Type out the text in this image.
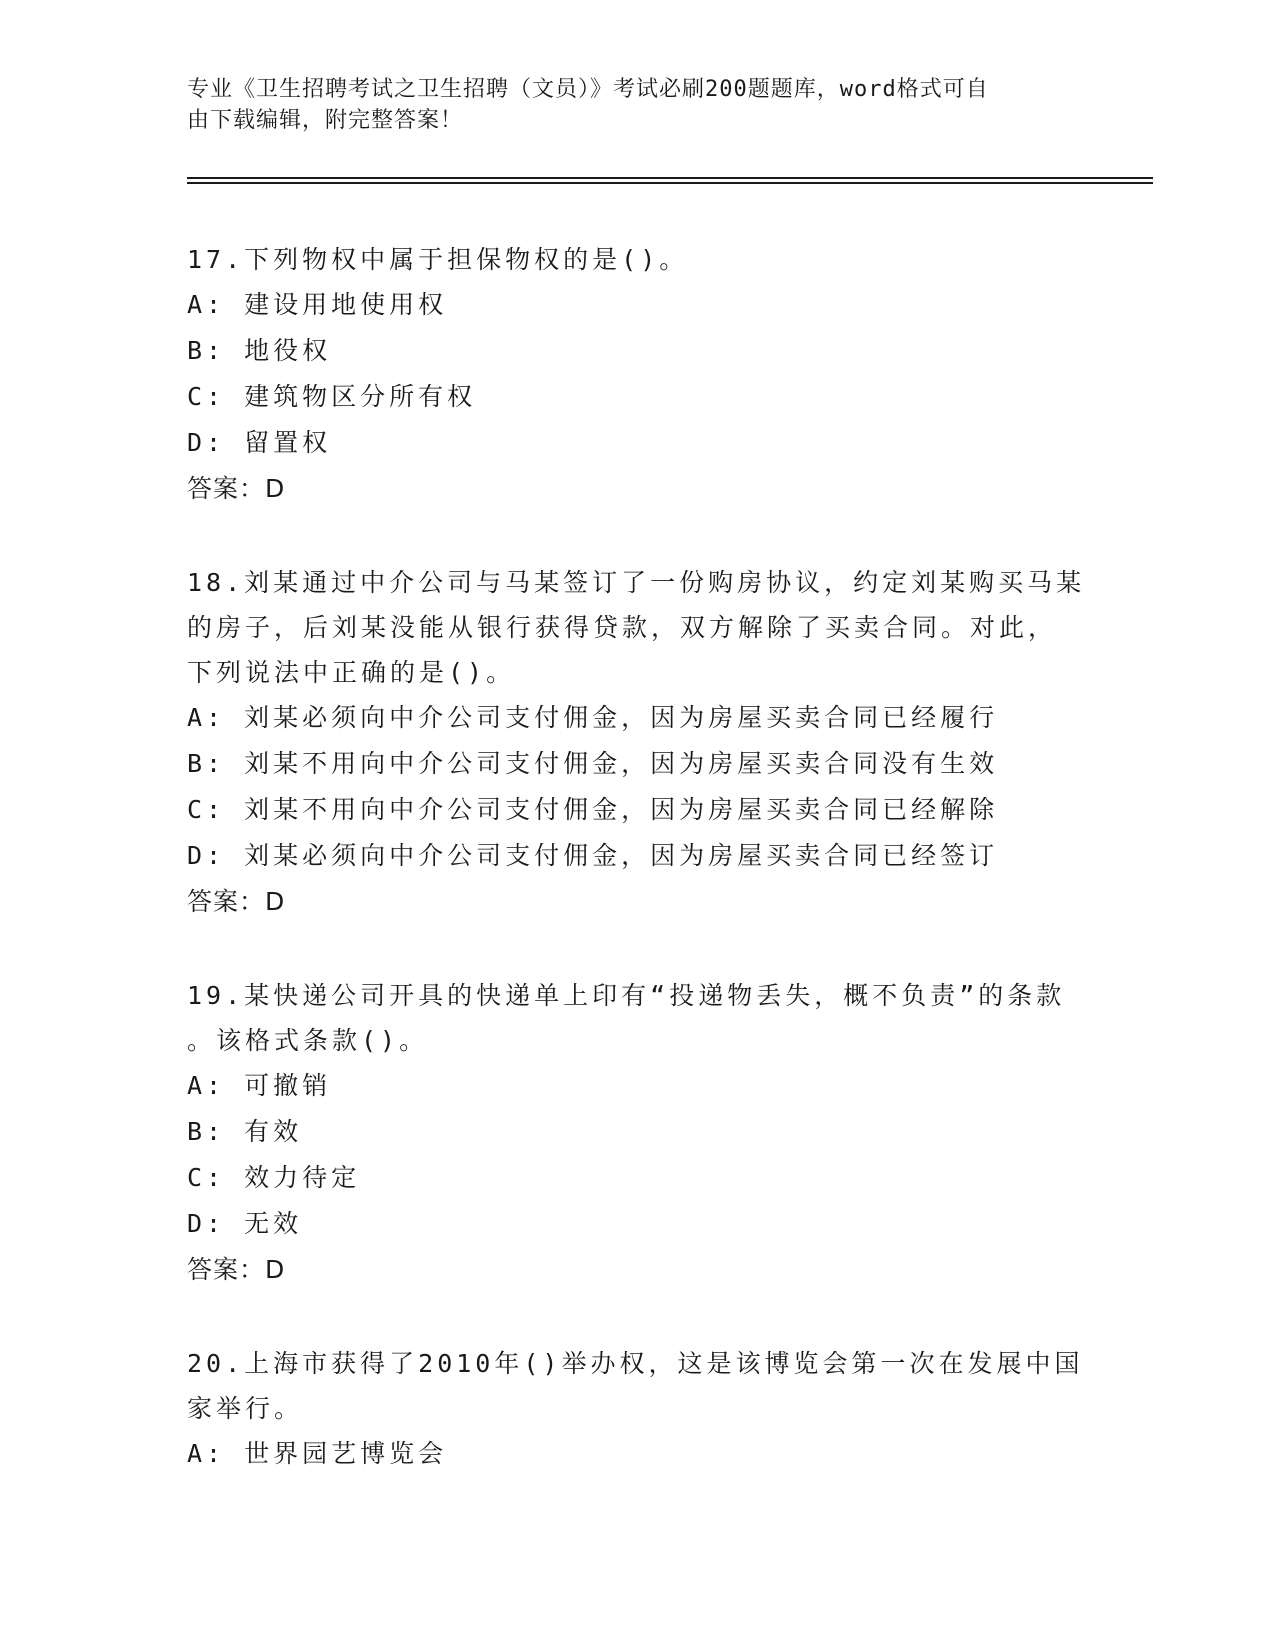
专业《卫生招聘考试之卫生招聘（文员）》考试必刷200题题库，word格式可自
由下载编辑，附完整答案！
17.下列物权中属于担保物权的是()。
A: 建设用地使用权
B: 地役权
C: 建筑物区分所有权
D: 留置权
答案：D
18.刘某通过中介公司与马某签订了一份购房协议，约定刘某购买马某
的房子，后刘某没能从银行获得贷款，双方解除了买卖合同。对此，
下列说法中正确的是()。
A: 刘某必须向中介公司支付佣金，因为房屋买卖合同已经履行
B: 刘某不用向中介公司支付佣金，因为房屋买卖合同没有生效
C: 刘某不用向中介公司支付佣金，因为房屋买卖合同已经解除
D: 刘某必须向中介公司支付佣金，因为房屋买卖合同已经签订
答案：D
19.某快递公司开具的快递单上印有“投递物丢失，概不负责”的条款
。该格式条款()。
A: 可撤销
B: 有效
C: 效力待定
D: 无效
答案：D
20.上海市获得了2010年()举办权，这是该博览会第一次在发展中国
家举行。
A: 世界园艺博览会
